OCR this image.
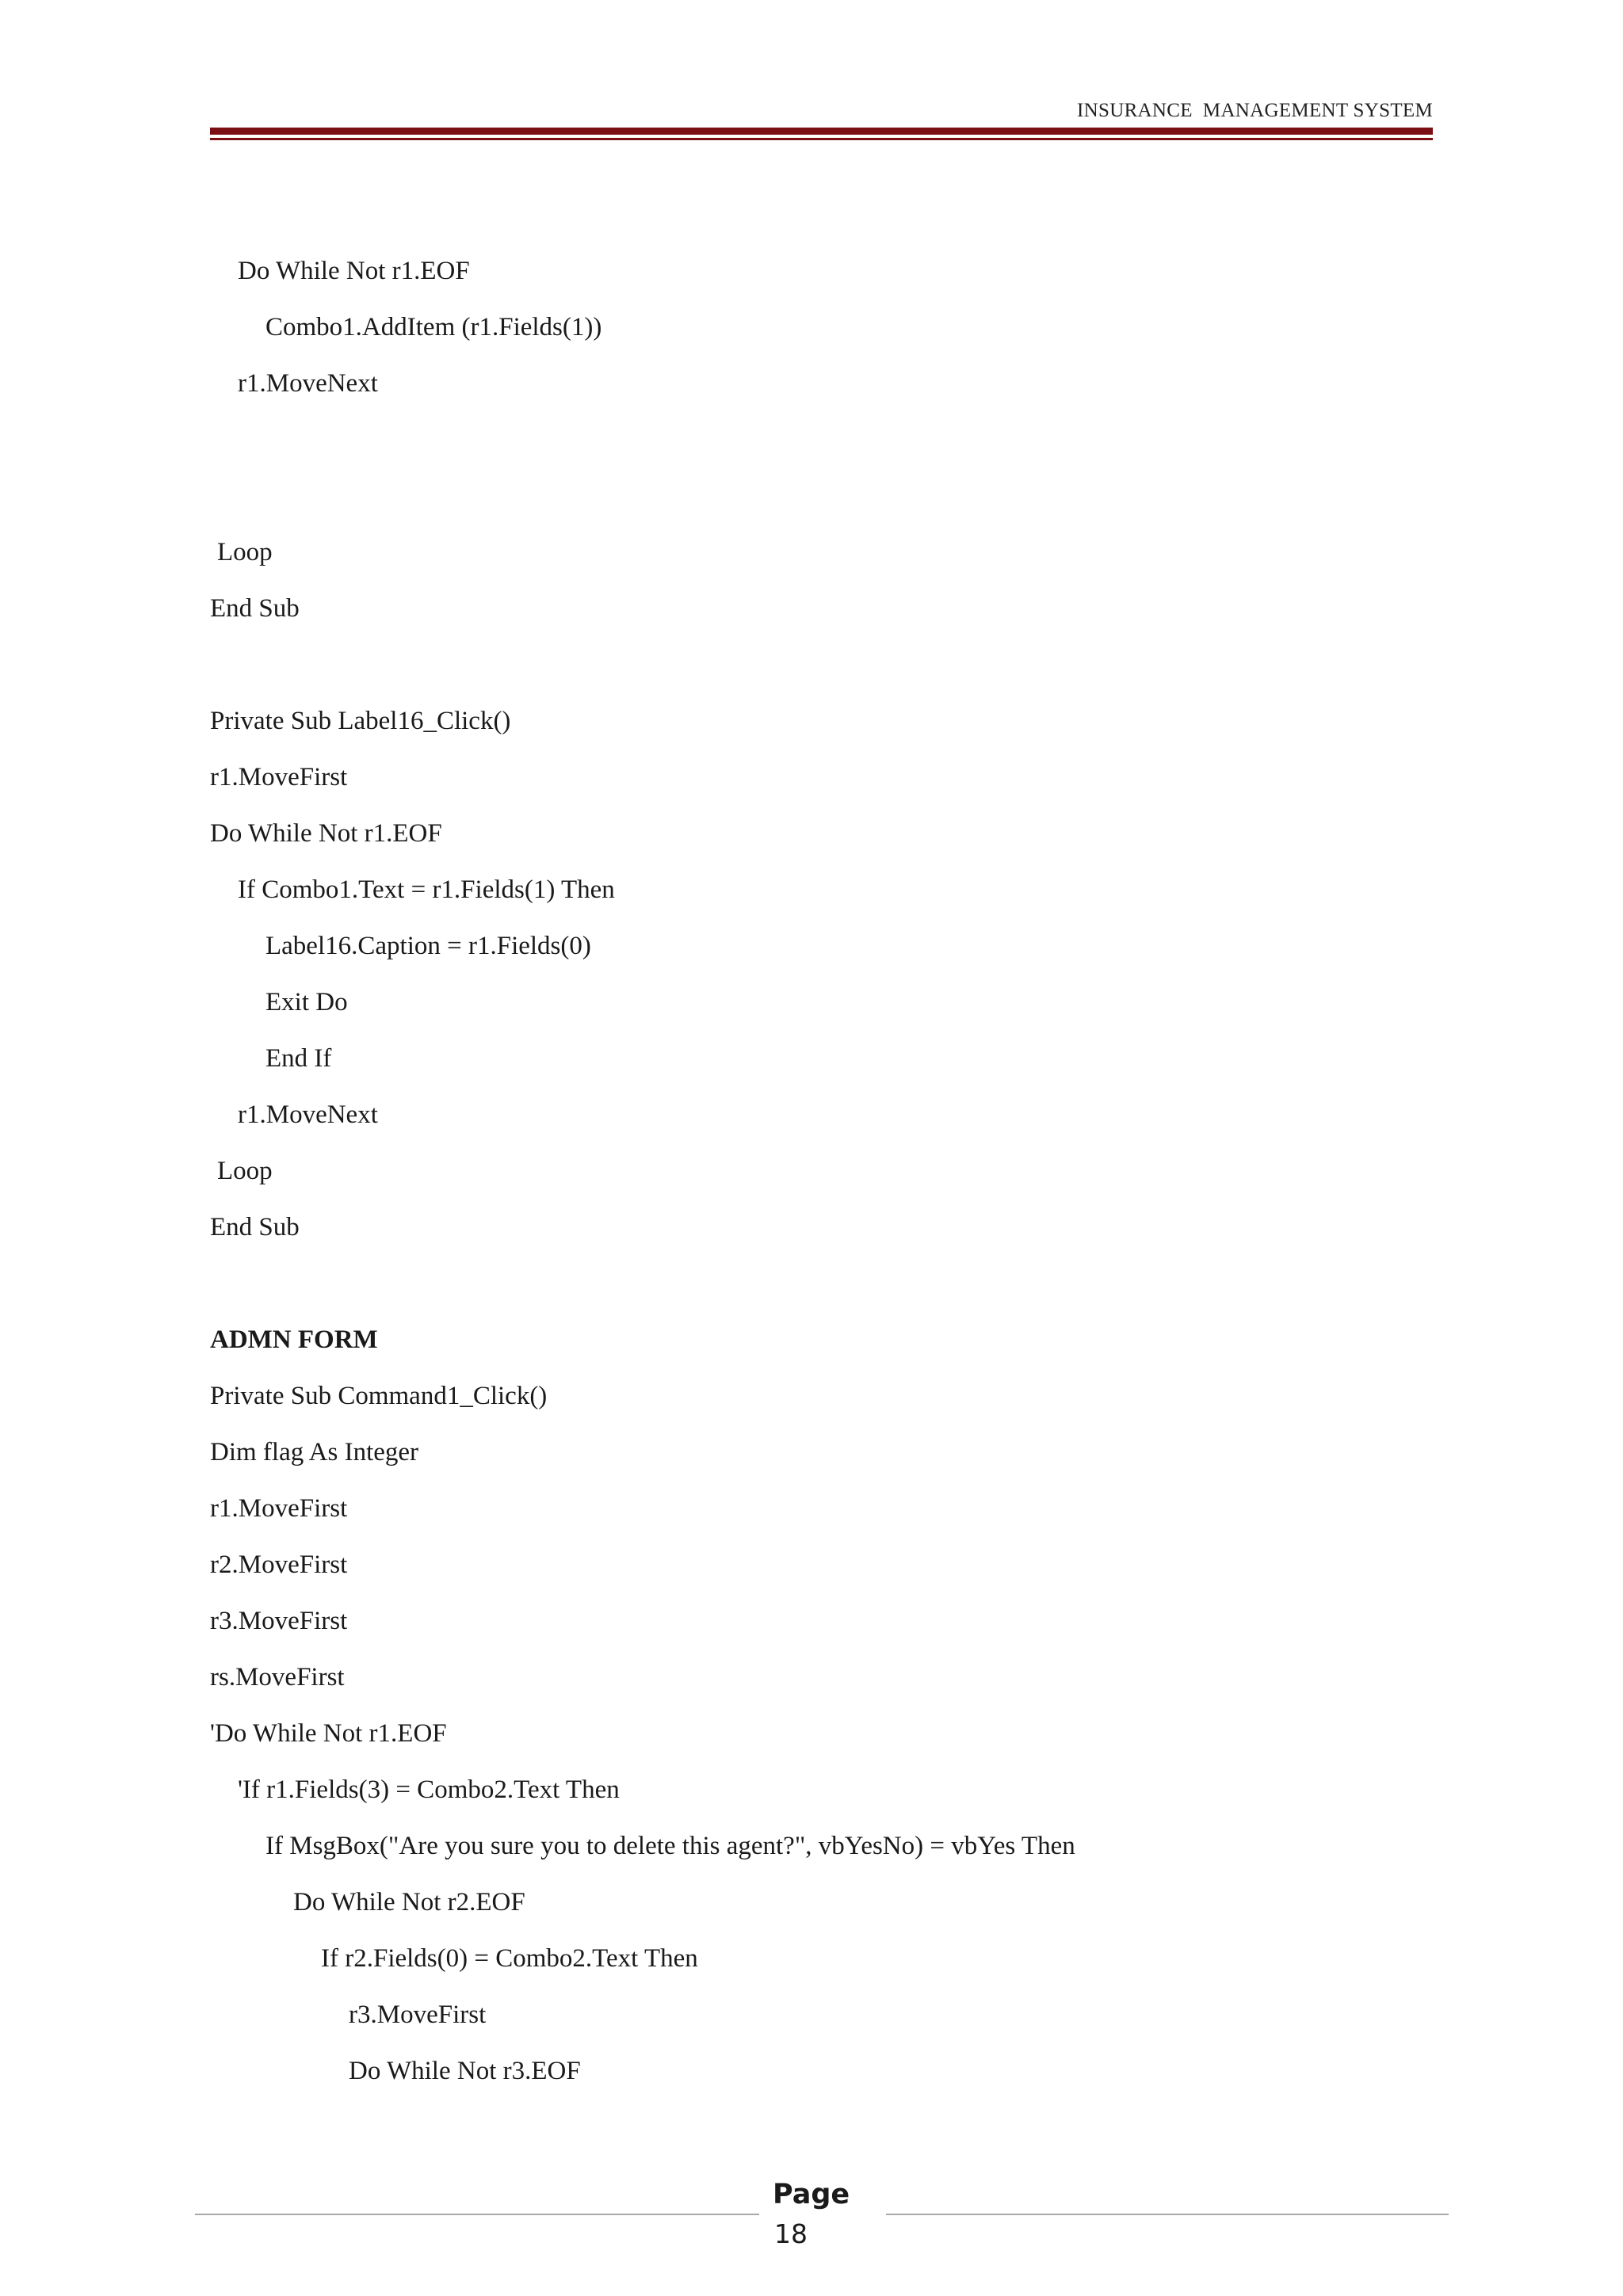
INSURANCE  MANAGEMENT SYSTEM
Do While Not r1.EOF
Combo1.AddItem (r1.Fields(1))
r1.MoveNext
Loop
End Sub
Private Sub Label16_Click()
r1.MoveFirst
Do While Not r1.EOF
If Combo1.Text = r1.Fields(1) Then
Label16.Caption = r1.Fields(0)
Exit Do
End If
r1.MoveNext
Loop
End Sub
ADMN FORM
Private Sub Command1_Click()
Dim flag As Integer
r1.MoveFirst
r2.MoveFirst
r3.MoveFirst
rs.MoveFirst
'Do While Not r1.EOF
'If r1.Fields(3) = Combo2.Text Then
If MsgBox("Are you sure you to delete this agent?", vbYesNo) = vbYes Then
Do While Not r2.EOF
If r2.Fields(0) = Combo2.Text Then
r3.MoveFirst
Do While Not r3.EOF
Page
18
